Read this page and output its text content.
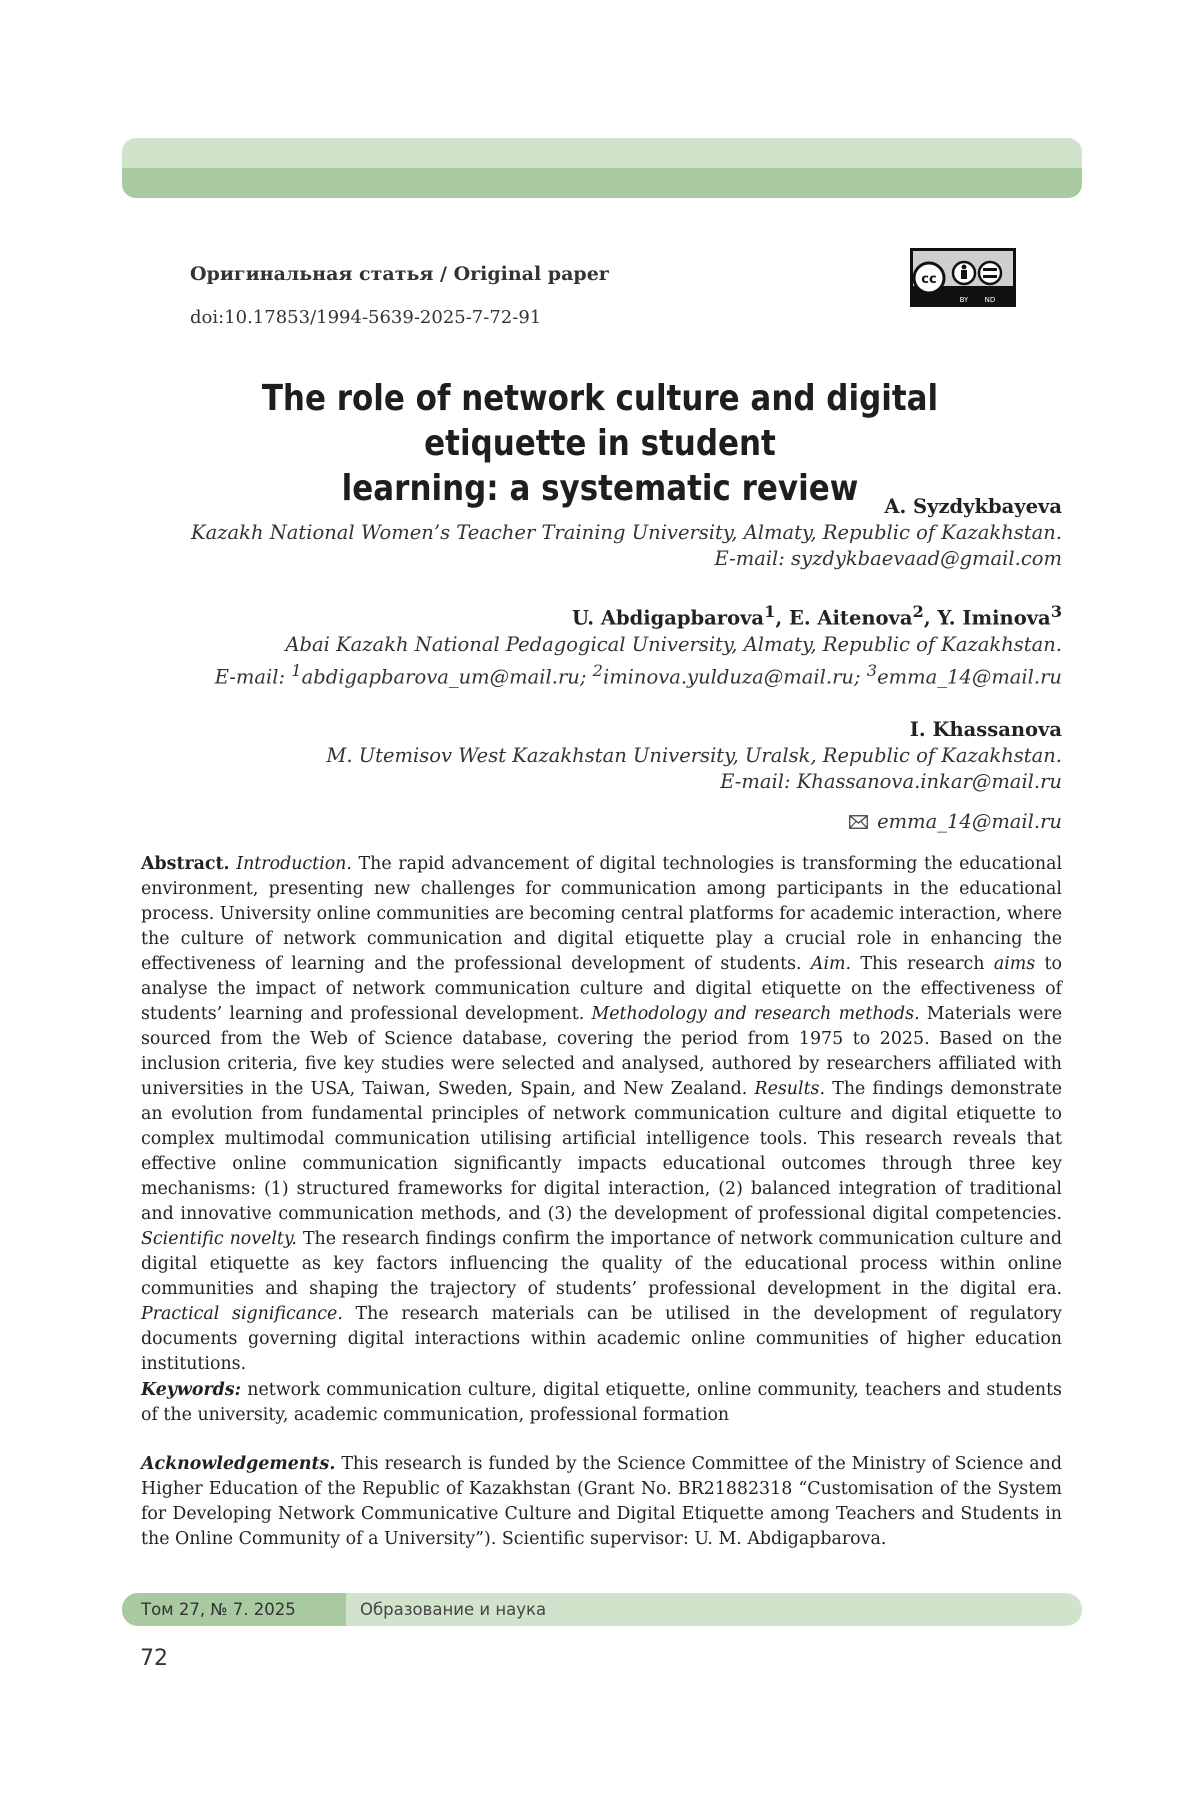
Оригинальная статья / Original paper
doi:10.17853/1994-5639-2025-7-72-91
cc
BY ND
The role of network culture and digital etiquette in student
learning: a systematic review	A. Syzdykbayeva
Kazakh National Women’s Teacher Training University, Almaty, Republic of Kazakhstan.
E-mail: syzdykbaevaad@gmail.com
U. Abdigapbarova$^1$, E. Aitenova$^2$, Y. Iminova$^3$
Abai Kazakh National Pedagogical University, Almaty, Republic of Kazakhstan.
E-mail: $^1$abdigapbarova_um@mail.ru; $^2$iminova.yulduza@mail.ru; $^3$emma_14@mail.ru
I. Khassanova
M. Utemisov West Kazakhstan University, Uralsk, Republic of Kazakhstan.
E-mail: Khassanova.inkar@mail.ru
emma_14@mail.ru
Abstract. Introduction. The rapid advancement of digital technologies is transforming the educational environment, presenting new challenges for communication among participants in the educational process. University online communities are becoming central platforms for academic interaction, where the culture of network communication and digital etiquette play a crucial role in enhancing the effectiveness of learning and the professional development of students. Aim. This research aims to analyse the impact of network communication culture and digital etiquette on the effectiveness of students’ learning and professional development. Methodology and research methods. Materials were sourced from the Web of Science database, covering the period from 1975 to 2025. Based on the inclusion criteria, five key studies were selected and analysed, authored by researchers affiliated with universities in the USA, Taiwan, Sweden, Spain, and New Zealand. Results. The findings demonstrate an evolution from fundamental principles of network communication culture and digital etiquette to complex multimodal communication utilising artificial intelligence tools. This research reveals that effective online communication significantly impacts educational outcomes through three key mechanisms: (1) structured frameworks for digital interaction, (2) balanced integration of traditional and innovative communication methods, and (3) the development of professional digital competencies. Scientific novelty. The research findings confirm the importance of network communication culture and digital etiquette as key factors influencing the quality of the educational process within online communities and shaping the trajectory of students’ professional development in the digital era. Practical significance. The research materials can be utilised in the development of regulatory documents governing digital interactions within academic online communities of higher education institutions.
Keywords: network communication culture, digital etiquette, online community, teachers and students of the university, academic communication, professional formation
Acknowledgements. This research is funded by the Science Committee of the Ministry of Science and Higher Education of the Republic of Kazakhstan (Grant No. BR21882318 “Customisation of the System for Developing Network Communicative Culture and Digital Etiquette among Teachers and Students in the Online Community of a University”). Scientific supervisor: U. M. Abdigapbarova.
Том 27, № 7. 2025	Образование и наука
72
